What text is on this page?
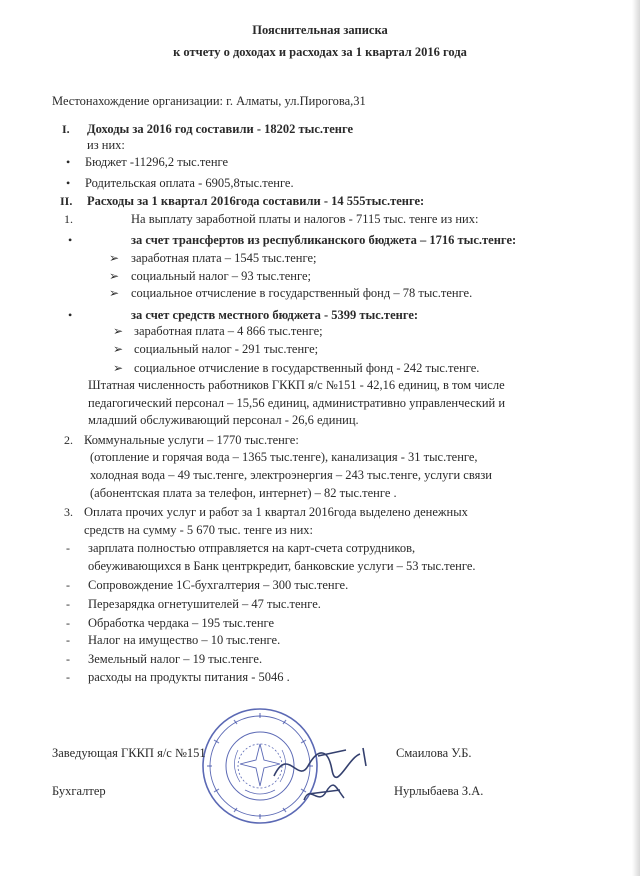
Пояснительная записка
к отчету о доходах и расходах за 1 квартал 2016 года
Местонахождение организации: г. Алматы, ул.Пирогова,31
I. Доходы за 2016 год составили - 18202 тыс.тенге
из них:
• Бюджет -11296,2 тыс.тенге
• Родительская оплата - 6905,8тыс.тенге.
II. Расходы за 1 квартал 2016года составили - 14 555тыс.тенге:
1.	На выплату заработной платы и налогов - 7115 тыс. тенге из них:
•	за счет трансфертов из республиканского бюджета – 1716 тыс.тенге:
➢ заработная плата – 1545 тыс.тенге;
➢ социальный налог – 93 тыс.тенге;
➢ социальное отчисление в государственный фонд – 78 тыс.тенге.
•	за счет средств местного бюджета - 5399 тыс.тенге:
➢ заработная плата – 4 866 тыс.тенге;
➢ социальный налог - 291 тыс.тенге;
➢ социальное отчисление в государственный фонд - 242 тыс.тенге.
Штатная численность работников ГККП я/с №151 - 42,16 единиц, в том числе
педагогический персонал – 15,56 единиц, административно управленческий и
младший обслуживающий персонал - 26,6 единиц.
2. Коммунальные услуги – 1770 тыс.тенге:
(отопление и горячая вода – 1365 тыс.тенге), канализация - 31 тыс.тенге,
холодная вода – 49 тыс.тенге, электроэнергия – 243 тыс.тенге, услуги связи
(абонентская плата за телефон, интернет) – 82 тыс.тенге .
3. Оплата прочих услуг и работ за 1 квартал 2016года выделено денежных
средств на сумму - 5 670 тыс. тенге из них:
- зарплата полностью отправляется на карт-счета сотрудников,
обеуживающихся в Банк центркредит, банковские услуги – 53 тыс.тенге.
- Сопровождение 1С-бухгалтерия – 300 тыс.тенге.
- Перезарядка огнетушителей – 47 тыс.тенге.
- Обработка чердака – 195 тыс.тенге
- Налог на имущество – 10 тыс.тенге.
- Земельный налог – 19 тыс.тенге.
- расходы на продукты питания - 5046 .
Заведующая ГККП я/с №151	Смаилова У.Б.
Бухгалтер	Нурлыбаева З.А.
